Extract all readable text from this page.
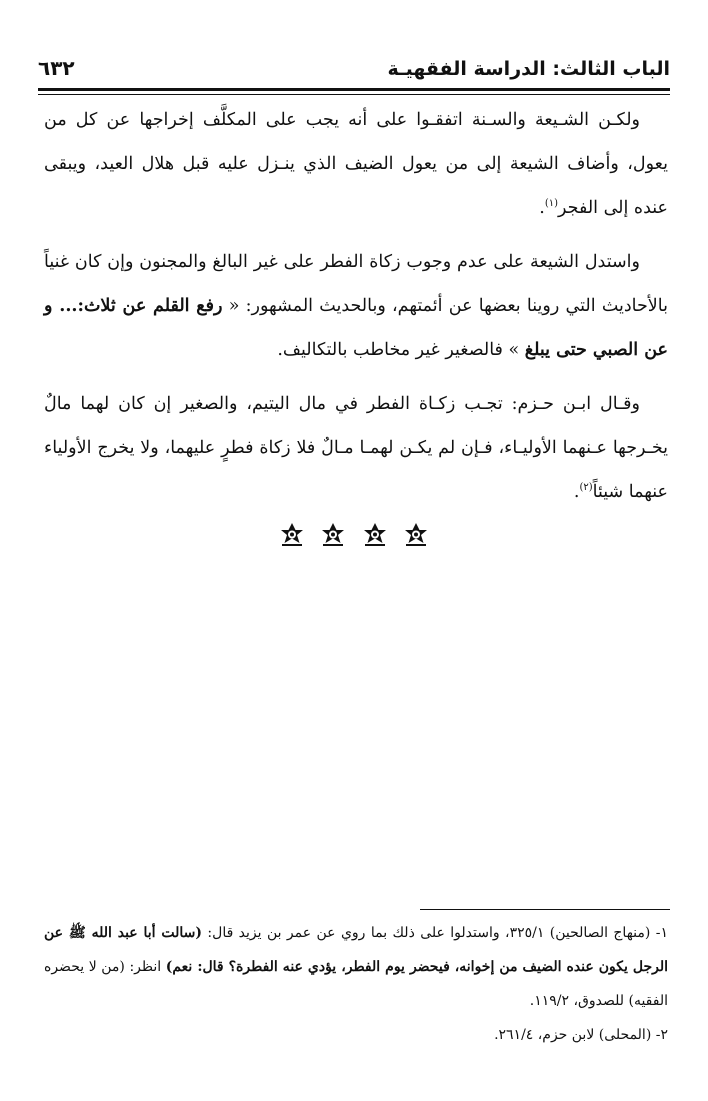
الباب الثالث: الدراسة الفقهيـة
٦٣٢

ولكـن الشـيعة والسـنة اتفقـوا على أنه يجب على المكلَّف إخراجها عن كل من يعول، وأضاف الشيعة إلى من يعول الضيف الذي ينـزل عليه قبل هلال العيد، ويبقى عنده إلى الفجر$^{(١)}$.

واستدل الشيعة على عدم وجوب زكاة الفطر على غير البالغ والمجنون وإن كان غنياً بالأحاديث التي روينا بعضها عن أئمتهم، وبالحديث المشهور: « رفع القلم عن ثلاث:... و عن الصبي حتى يبلغ » فالصغير غير مخاطب بالتكاليف.

وقـال ابـن حـزم: تجـب زكـاة الفطر في مال اليتيم، والصغير إن كان لهما مالٌ يخـرجها عـنهما الأوليـاء، فـإن لم يكـن لهمـا مـالٌ فلا زكاة فطرٍ عليهما، ولا يخرج الأولياء عنهما شيئاً$^{(٢)}$.

١- (منهاج الصالحين) ٣٢٥/١، واستدلوا على ذلك بما روي عن عمر بن يزيد قال: (سالت أبا عبد الله ﷺ عن الرجل يكون عنده الضيف من إخوانه، فيحضر يوم الفطر، يؤدي عنه الفطرة؟ قال: نعم) انظر: (من لا يحضره الفقيه) للصدوق، ١١٩/٢.

٢- (المحلى) لابن حزم، ٢٦١/٤.
